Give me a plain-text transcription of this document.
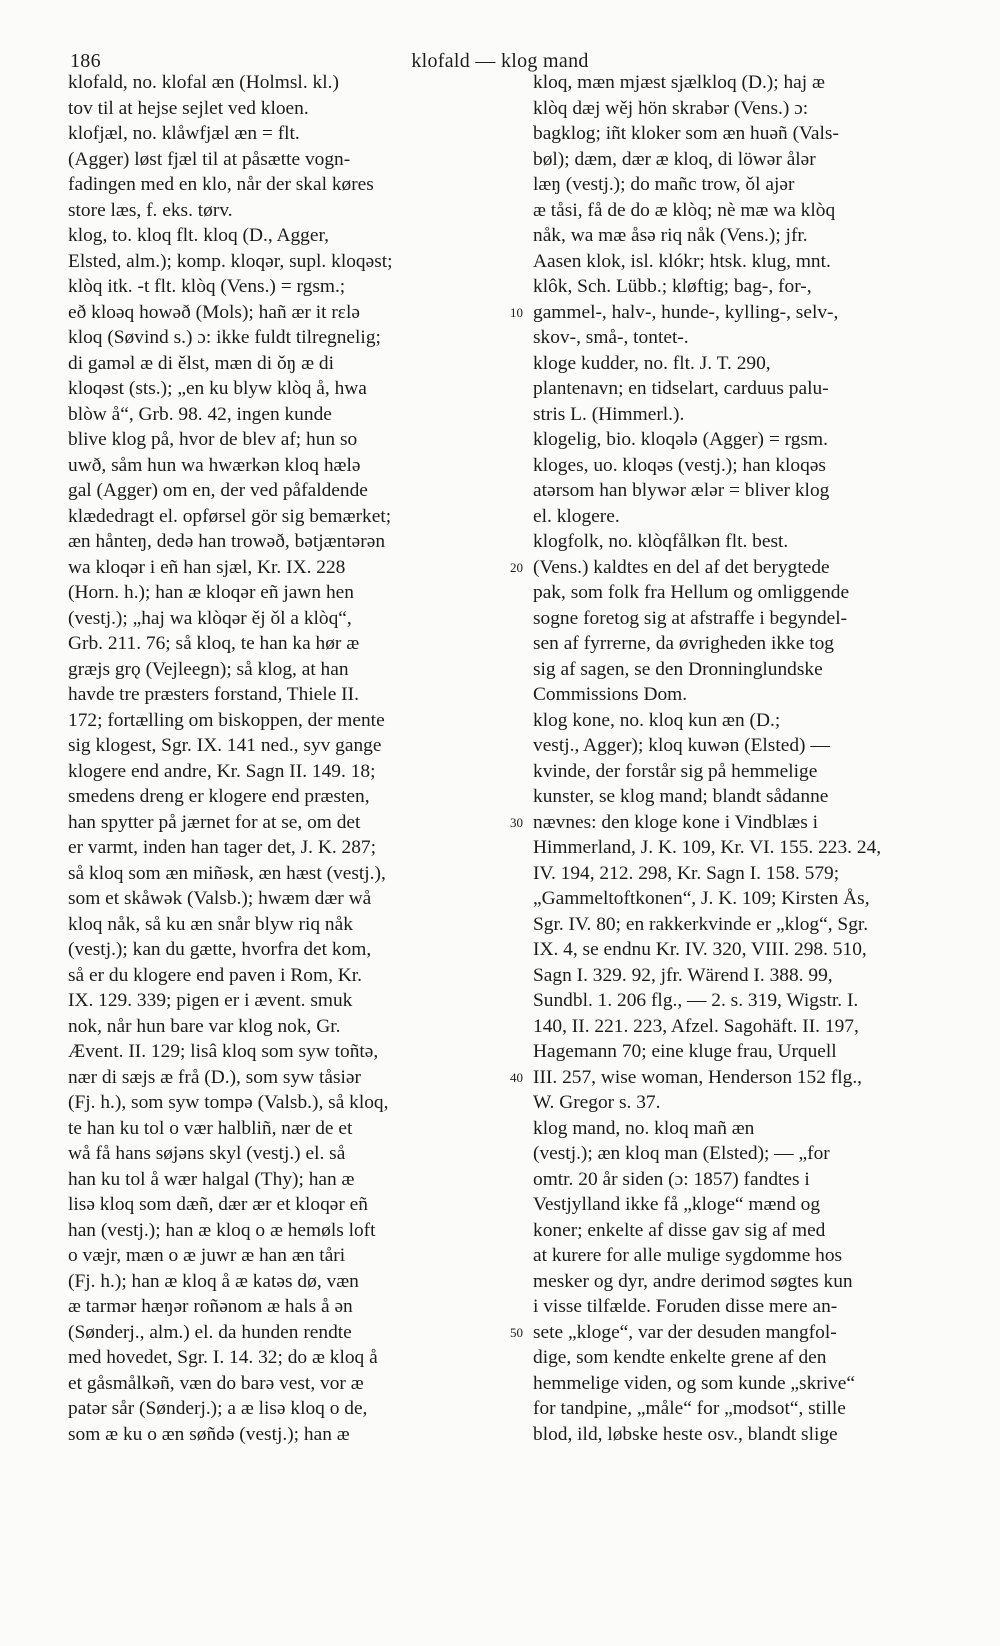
186	klofald — klog mand
klofald, no. klofal æn (Holmsl. kl.)
tov til at hejse sejlet ved kloen.
klofjæl, no. klåwfjæl æn = flt.
(Agger) løst fjæl til at påsætte vogn-
fadingen med en klo, når der skal køres
store læs, f. eks. tørv.
klog, to. kloq flt. kloq (D., Agger,
Elsted, alm.); komp. kloqər, supl. kloqəst;
klòq itk. -t flt. klòq (Vens.) = rgsm.;
eð kloəq howəð (Mols); hañ ær it rɛlə
kloq (Søvind s.) ɔ: ikke fuldt tilregnelig;
di gaməl æ di ělst, mæn di ǒŋ æ di
kloqəst (sts.); „en ku blyw klòq å, hwa
blòw å“, Grb. 98. 42, ingen kunde
blive klog på, hvor de blev af; hun so
uwð, såm hun wa hwærkən kloq hælə
gal (Agger) om en, der ved påfaldende
klædedragt el. opførsel gör sig bemærket;
æn hånteŋ, dedə han trowəð, bətjæntərən
wa kloqər i eñ han sjæl, Kr. IX. 228
(Horn. h.); han æ kloqər eñ jawn hen
(vestj.); „haj wa klòqər ěj ǒl a klòq“,
Grb. 211. 76; så kloq, te han ka hør æ
græjs grǫ (Vejleegn); så klog, at han
havde tre præsters forstand, Thiele II.
172; fortælling om biskoppen, der mente
sig klogest, Sgr. IX. 141 ned., syv gange
klogere end andre, Kr. Sagn II. 149. 18;
smedens dreng er klogere end præsten,
han spytter på jærnet for at se, om det
er varmt, inden han tager det, J. K. 287;
så kloq som æn miñəsk, æn hæst (vestj.),
som et skåwək (Valsb.); hwæm dær wå
kloq nåk, så ku æn snår blyw riq nåk
(vestj.); kan du gætte, hvorfra det kom,
så er du klogere end paven i Rom, Kr.
IX. 129. 339; pigen er i ævent. smuk
nok, når hun bare var klog nok, Gr.
Ævent. II. 129; lisâ kloq som syw toñtə,
nær di sæjs æ frå (D.), som syw tåsiər
(Fj. h.), som syw tompə (Valsb.), så kloq,
te han ku tol o vær halbliñ, nær de et
wå få hans søjəns skyl (vestj.) el. så
han ku tol å wær halgal (Thy); han æ
lisə kloq som dæñ, dær ær et kloqər eñ
han (vestj.); han æ kloq o æ hemøls loft
o væjr, mæn o æ juwr æ han æn tåri
(Fj. h.); han æ kloq å æ katəs dø, væn
æ tarmər hæŋər roñənom æ hals å ən
(Sønderj., alm.) el. da hunden rendte
med hovedet, Sgr. I. 14. 32; do æ kloq å
et gåsmålkəñ, væn do barə vest, vor æ
patər sår (Sønderj.); a æ lisə kloq o de,
som æ ku o æn søñdə (vestj.); han æ
kloq, mæn mjæst sjælkloq (D.); haj æ
klòq dæj wěj hön skrabər (Vens.) ɔ:
bagklog; iñt kloker som æn huəñ (Vals-
bøl); dæm, dær æ kloq, di löwər ålər
læŋ (vestj.); do mañc trow, ǒl ajər
æ tåsi, få de do æ klòq; nè mæ wa klòq
nåk, wa mæ åsə riq nåk (Vens.); jfr.
Aasen klok, isl. klókr; htsk. klug, mnt.
klôk, Sch. Lübb.; kløftig; bag-, for-,
gammel-, halv-, hunde-, kylling-, selv-,
skov-, små-, tontet-.
kloge kudder, no. flt. J. T. 290,
plantenavn; en tidselart, carduus palu-
stris L. (Himmerl.).
klogelig, bio. kloqələ (Agger) = rgsm.
kloges, uo. kloqəs (vestj.); han kloqəs
atərsom han blywər ælər = bliver klog
el. klogere.
klogfolk, no. klòqfålkən flt. best.
(Vens.) kaldtes en del af det berygtede
pak, som folk fra Hellum og omliggende
sogne foretog sig at afstraffe i begyndel-
sen af fyrrerne, da øvrigheden ikke tog
sig af sagen, se den Dronninglundske
Commissions Dom.
klog kone, no. kloq kun æn (D.;
vestj., Agger); kloq kuwən (Elsted) —
kvinde, der forstår sig på hemmelige
kunster, se klog mand; blandt sådanne
nævnes: den kloge kone i Vindblæs i
Himmerland, J. K. 109, Kr. VI. 155. 223. 24,
IV. 194, 212. 298, Kr. Sagn I. 158. 579;
„Gammeltoftkonen“, J. K. 109; Kirsten Ås,
Sgr. IV. 80; en rakkerkvinde er „klog“, Sgr.
IX. 4, se endnu Kr. IV. 320, VIII. 298. 510,
Sagn I. 329. 92, jfr. Wärend I. 388. 99,
Sundbl. 1. 206 flg., — 2. s. 319, Wigstr. I.
140, II. 221. 223, Afzel. Sagohäft. II. 197,
Hagemann 70; eine kluge frau, Urquell
III. 257, wise woman, Henderson 152 flg.,
W. Gregor s. 37.
klog mand, no. kloq mañ æn
(vestj.); æn kloq man (Elsted); — „for
omtr. 20 år siden (ɔ: 1857) fandtes i
Vestjylland ikke få „kloge“ mænd og
koner; enkelte af disse gav sig af med
at kurere for alle mulige sygdomme hos
mesker og dyr, andre derimod søgtes kun
i visse tilfælde. Foruden disse mere an-
sete „kloge“, var der desuden mangfol-
dige, som kendte enkelte grene af den
hemmelige viden, og som kunde „skrive“
for tandpine, „måle“ for „modsot“, stille
blod, ild, løbske heste osv., blandt slige
10
20
30
40
50
